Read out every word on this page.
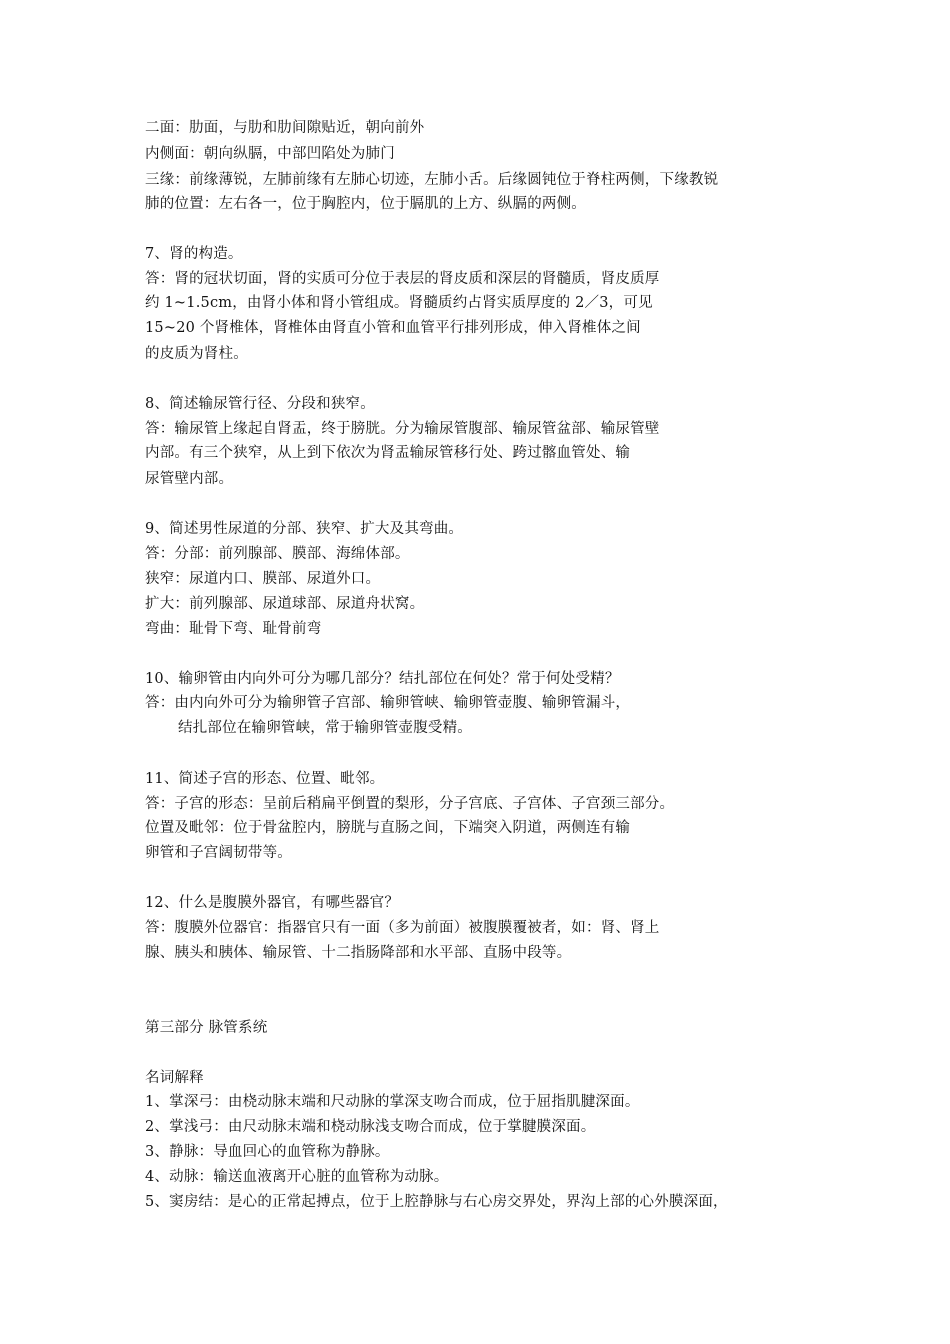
二面：肋面，与肋和肋间隙贴近，朝向前外
内侧面：朝向纵膈，中部凹陷处为肺门
三缘：前缘薄锐，左肺前缘有左肺心切迹，左肺小舌。后缘圆钝位于脊柱两侧，下缘教锐
肺的位置：左右各一，位于胸腔内，位于膈肌的上方、纵膈的两侧。
7、肾的构造。
答：肾的冠状切面，肾的实质可分位于表层的肾皮质和深层的肾髓质，肾皮质厚
约 1~1.5cm，由肾小体和肾小管组成。肾髓质约占肾实质厚度的 2／3，可见
15~20 个肾椎体，肾椎体由肾直小管和血管平行排列形成，伸入肾椎体之间
的皮质为肾柱。
8、简述输尿管行径、分段和狭窄。
答：输尿管上缘起自肾盂，终于膀胱。分为输尿管腹部、输尿管盆部、输尿管壁
内部。有三个狭窄，从上到下依次为肾盂输尿管移行处、跨过髂血管处、输
尿管壁内部。
9、简述男性尿道的分部、狭窄、扩大及其弯曲。
答：分部：前列腺部、膜部、海绵体部。
狭窄：尿道内口、膜部、尿道外口。
扩大：前列腺部、尿道球部、尿道舟状窝。
弯曲：耻骨下弯、耻骨前弯
10、输卵管由内向外可分为哪几部分？结扎部位在何处？常于何处受精？
答：由内向外可分为输卵管子宫部、输卵管峡、输卵管壶腹、输卵管漏斗，
结扎部位在输卵管峡，常于输卵管壶腹受精。
11、简述子宫的形态、位置、毗邻。
答：子宫的形态：呈前后稍扁平倒置的梨形，分子宫底、子宫体、子宫颈三部分。
位置及毗邻：位于骨盆腔内，膀胱与直肠之间，下端突入阴道，两侧连有输
卵管和子宫阔韧带等。
12、什么是腹膜外器官，有哪些器官？
答：腹膜外位器官：指器官只有一面（多为前面）被腹膜覆被者，如：肾、肾上
腺、胰头和胰体、输尿管、十二指肠降部和水平部、直肠中段等。
第三部分 脉管系统
名词解释
1、掌深弓：由桡动脉末端和尺动脉的掌深支吻合而成，位于屈指肌腱深面。
2、掌浅弓：由尺动脉末端和桡动脉浅支吻合而成，位于掌腱膜深面。
3、静脉：导血回心的血管称为静脉。
4、动脉：输送血液离开心脏的血管称为动脉。
5、窦房结：是心的正常起搏点，位于上腔静脉与右心房交界处，界沟上部的心外膜深面，
